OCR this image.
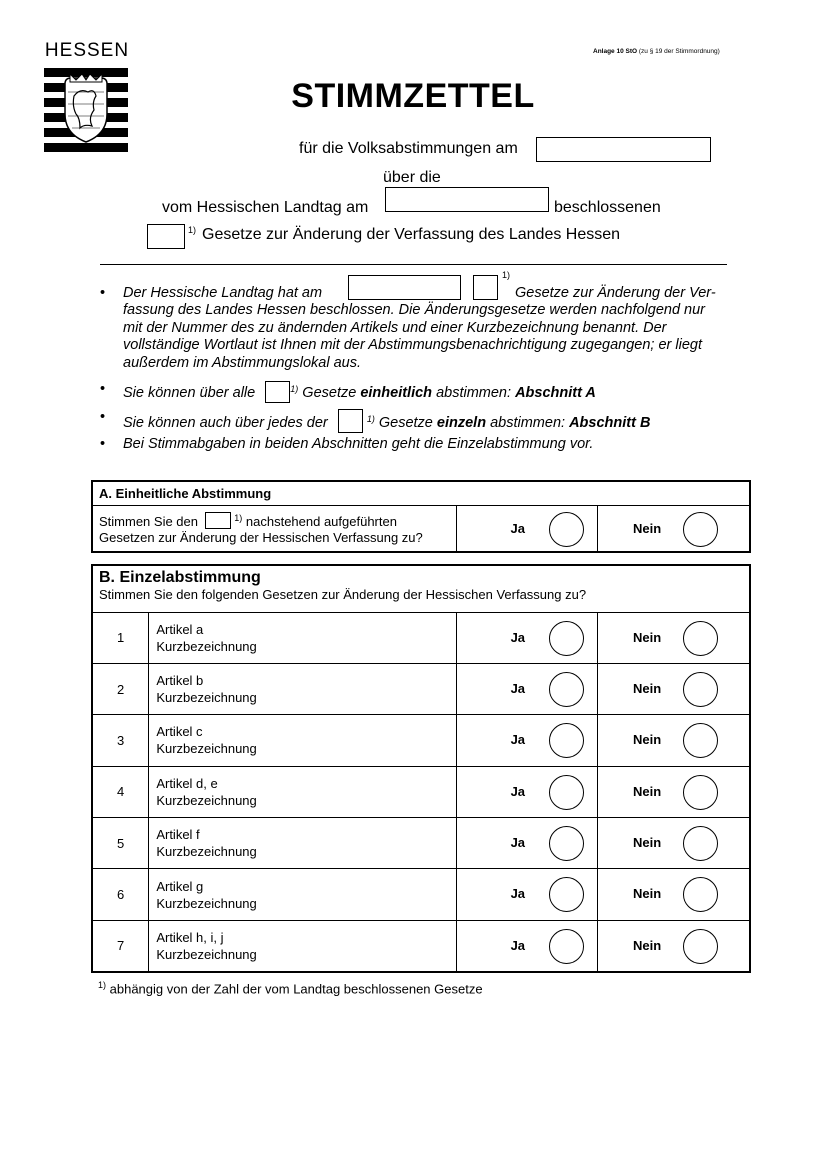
HESSEN	Anlage 10 StO (zu § 19 der Stimmordnung)
STIMMZETTEL
für die Volksabstimmungen am
über die
vom Hessischen Landtag am	beschlossenen
1) Gesetze zur Änderung der Verfassung des Landes Hessen
• Der Hessische Landtag hat am
1)
Gesetze zur Änderung der Ver-
fassung des Landes Hessen beschlossen. Die Änderungsgesetze werden nachfolgend nur mit der Nummer des zu ändernden Artikels und einer Kurzbezeichnung benannt. Der vollständige Wortlaut ist Ihnen mit der Abstimmungsbenachrichtigung zugegangen; er liegt außerdem im Abstimmungslokal aus.
• Sie können über alle	$^{1)}$ Gesetze einheitlich abstimmen: Abschnitt A
• Sie können auch über jedes der	$^{1)}$ Gesetze einzeln abstimmen: Abschnitt B
• Bei Stimmabgaben in beiden Abschnitten geht die Einzelabstimmung vor.
A. Einheitliche Abstimmung
Stimmen Sie den	$^{1)}$ nachstehend aufgeführten
Gesetzen zur Änderung der Hessischen Verfassung zu?	
Ja	Nein
B. Einzelabstimmung
Stimmen Sie den folgenden Gesetzen zur Änderung der Hessischen Verfassung zu?			

1	Artikel a
Kurzbezeichnung	Ja	Nein

2	Artikel b
Kurzbezeichnung	Ja	Nein

3	Artikel c
Kurzbezeichnung	Ja	Nein

4	Artikel d, e
Kurzbezeichnung	Ja	Nein

5	Artikel f
Kurzbezeichnung	Ja	Nein

6	Artikel g
Kurzbezeichnung	Ja	Nein

7	Artikel h, i, j
Kurzbezeichnung	Ja	Nein
$^{1)}$ abhängig von der Zahl der vom Landtag beschlossenen Gesetze
